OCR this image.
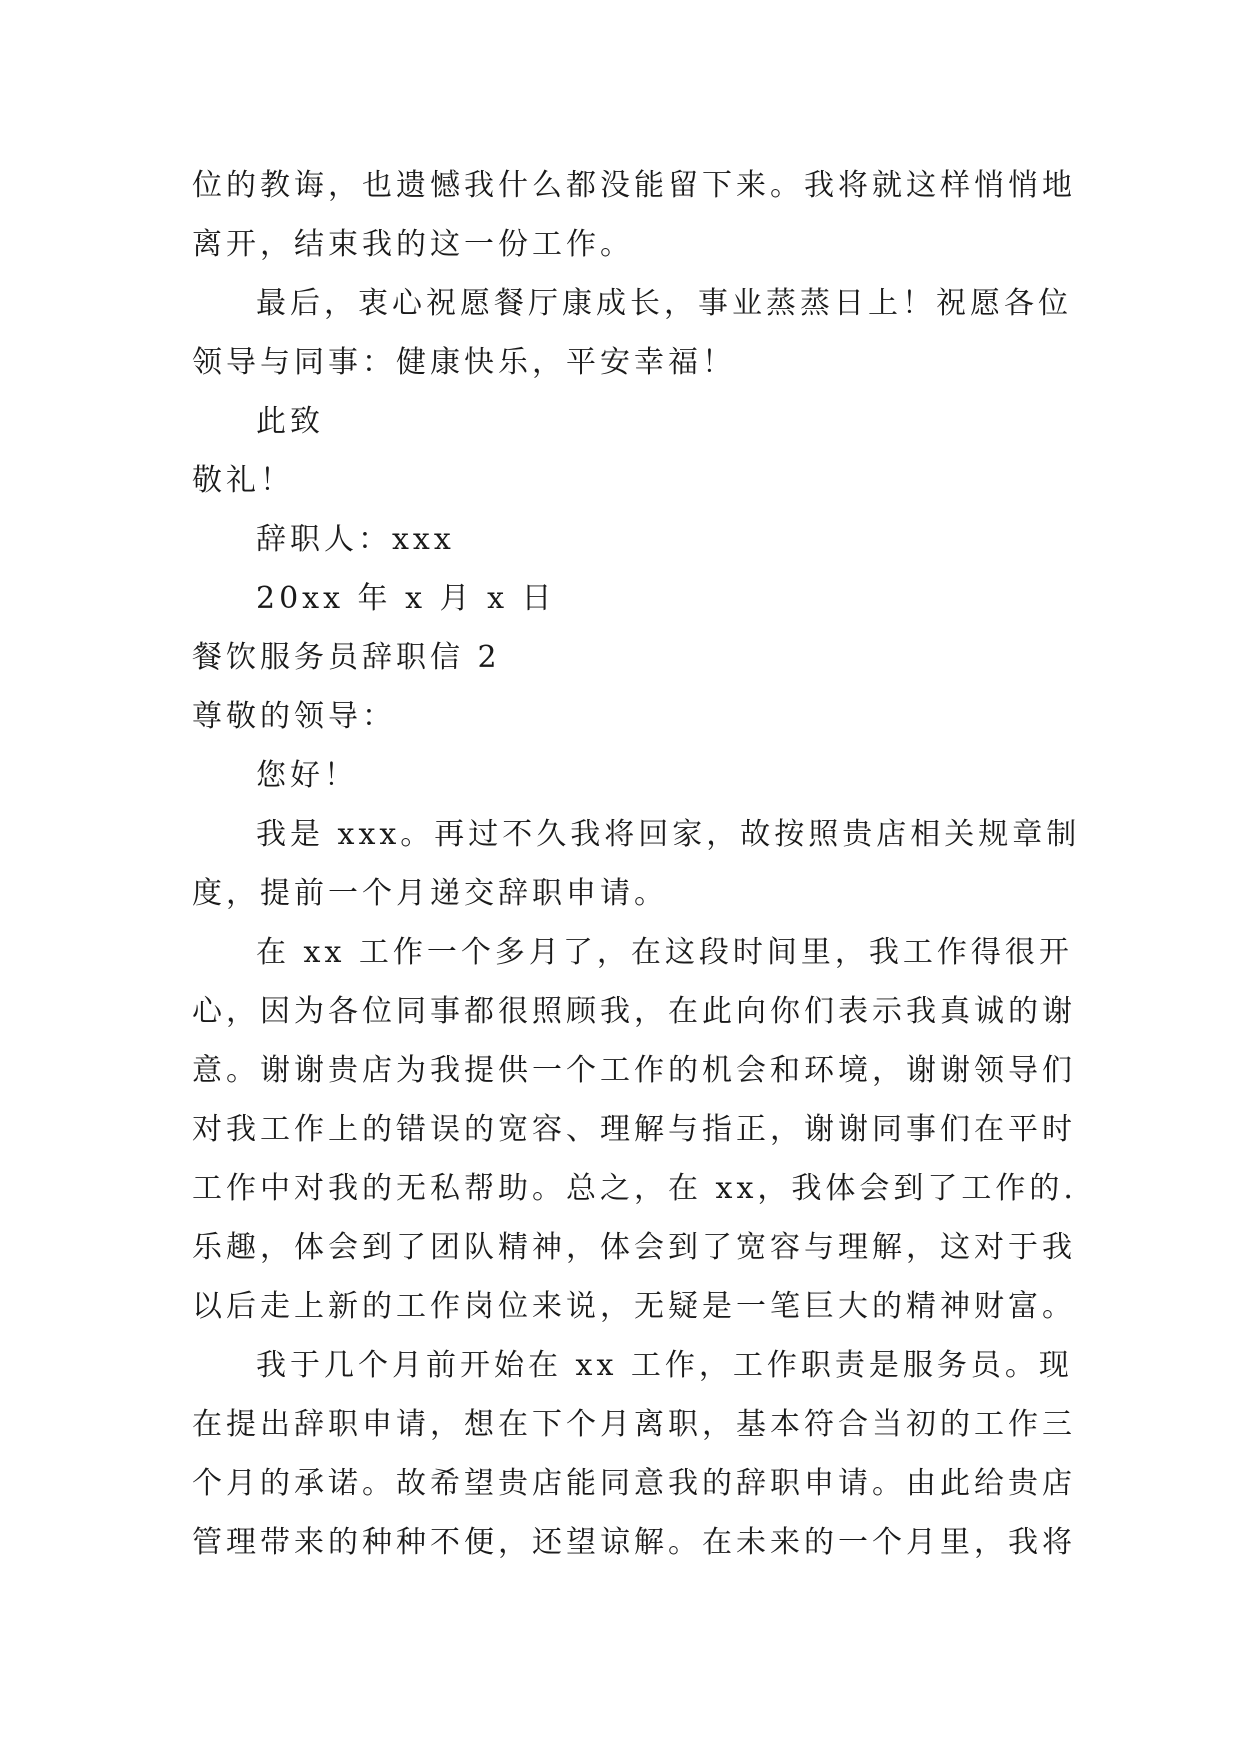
位的教诲，也遗憾我什么都没能留下来。我将就这样悄悄地
离开，结束我的这一份工作。
最后，衷心祝愿餐厅康成长，事业蒸蒸日上！祝愿各位
领导与同事：健康快乐，平安幸福！
此致
敬礼！
辞职人：xxx
20xx 年 x 月 x 日
餐饮服务员辞职信 2
尊敬的领导：
您好！
我是 xxx。再过不久我将回家，故按照贵店相关规章制
度，提前一个月递交辞职申请。
在 xx 工作一个多月了，在这段时间里，我工作得很开
心，因为各位同事都很照顾我，在此向你们表示我真诚的谢
意。谢谢贵店为我提供一个工作的机会和环境，谢谢领导们
对我工作上的错误的宽容、理解与指正，谢谢同事们在平时
工作中对我的无私帮助。总之，在 xx，我体会到了工作的.
乐趣，体会到了团队精神，体会到了宽容与理解，这对于我
以后走上新的工作岗位来说，无疑是一笔巨大的精神财富。
我于几个月前开始在 xx 工作，工作职责是服务员。现
在提出辞职申请，想在下个月离职，基本符合当初的工作三
个月的承诺。故希望贵店能同意我的辞职申请。由此给贵店
管理带来的种种不便，还望谅解。在未来的一个月里，我将
